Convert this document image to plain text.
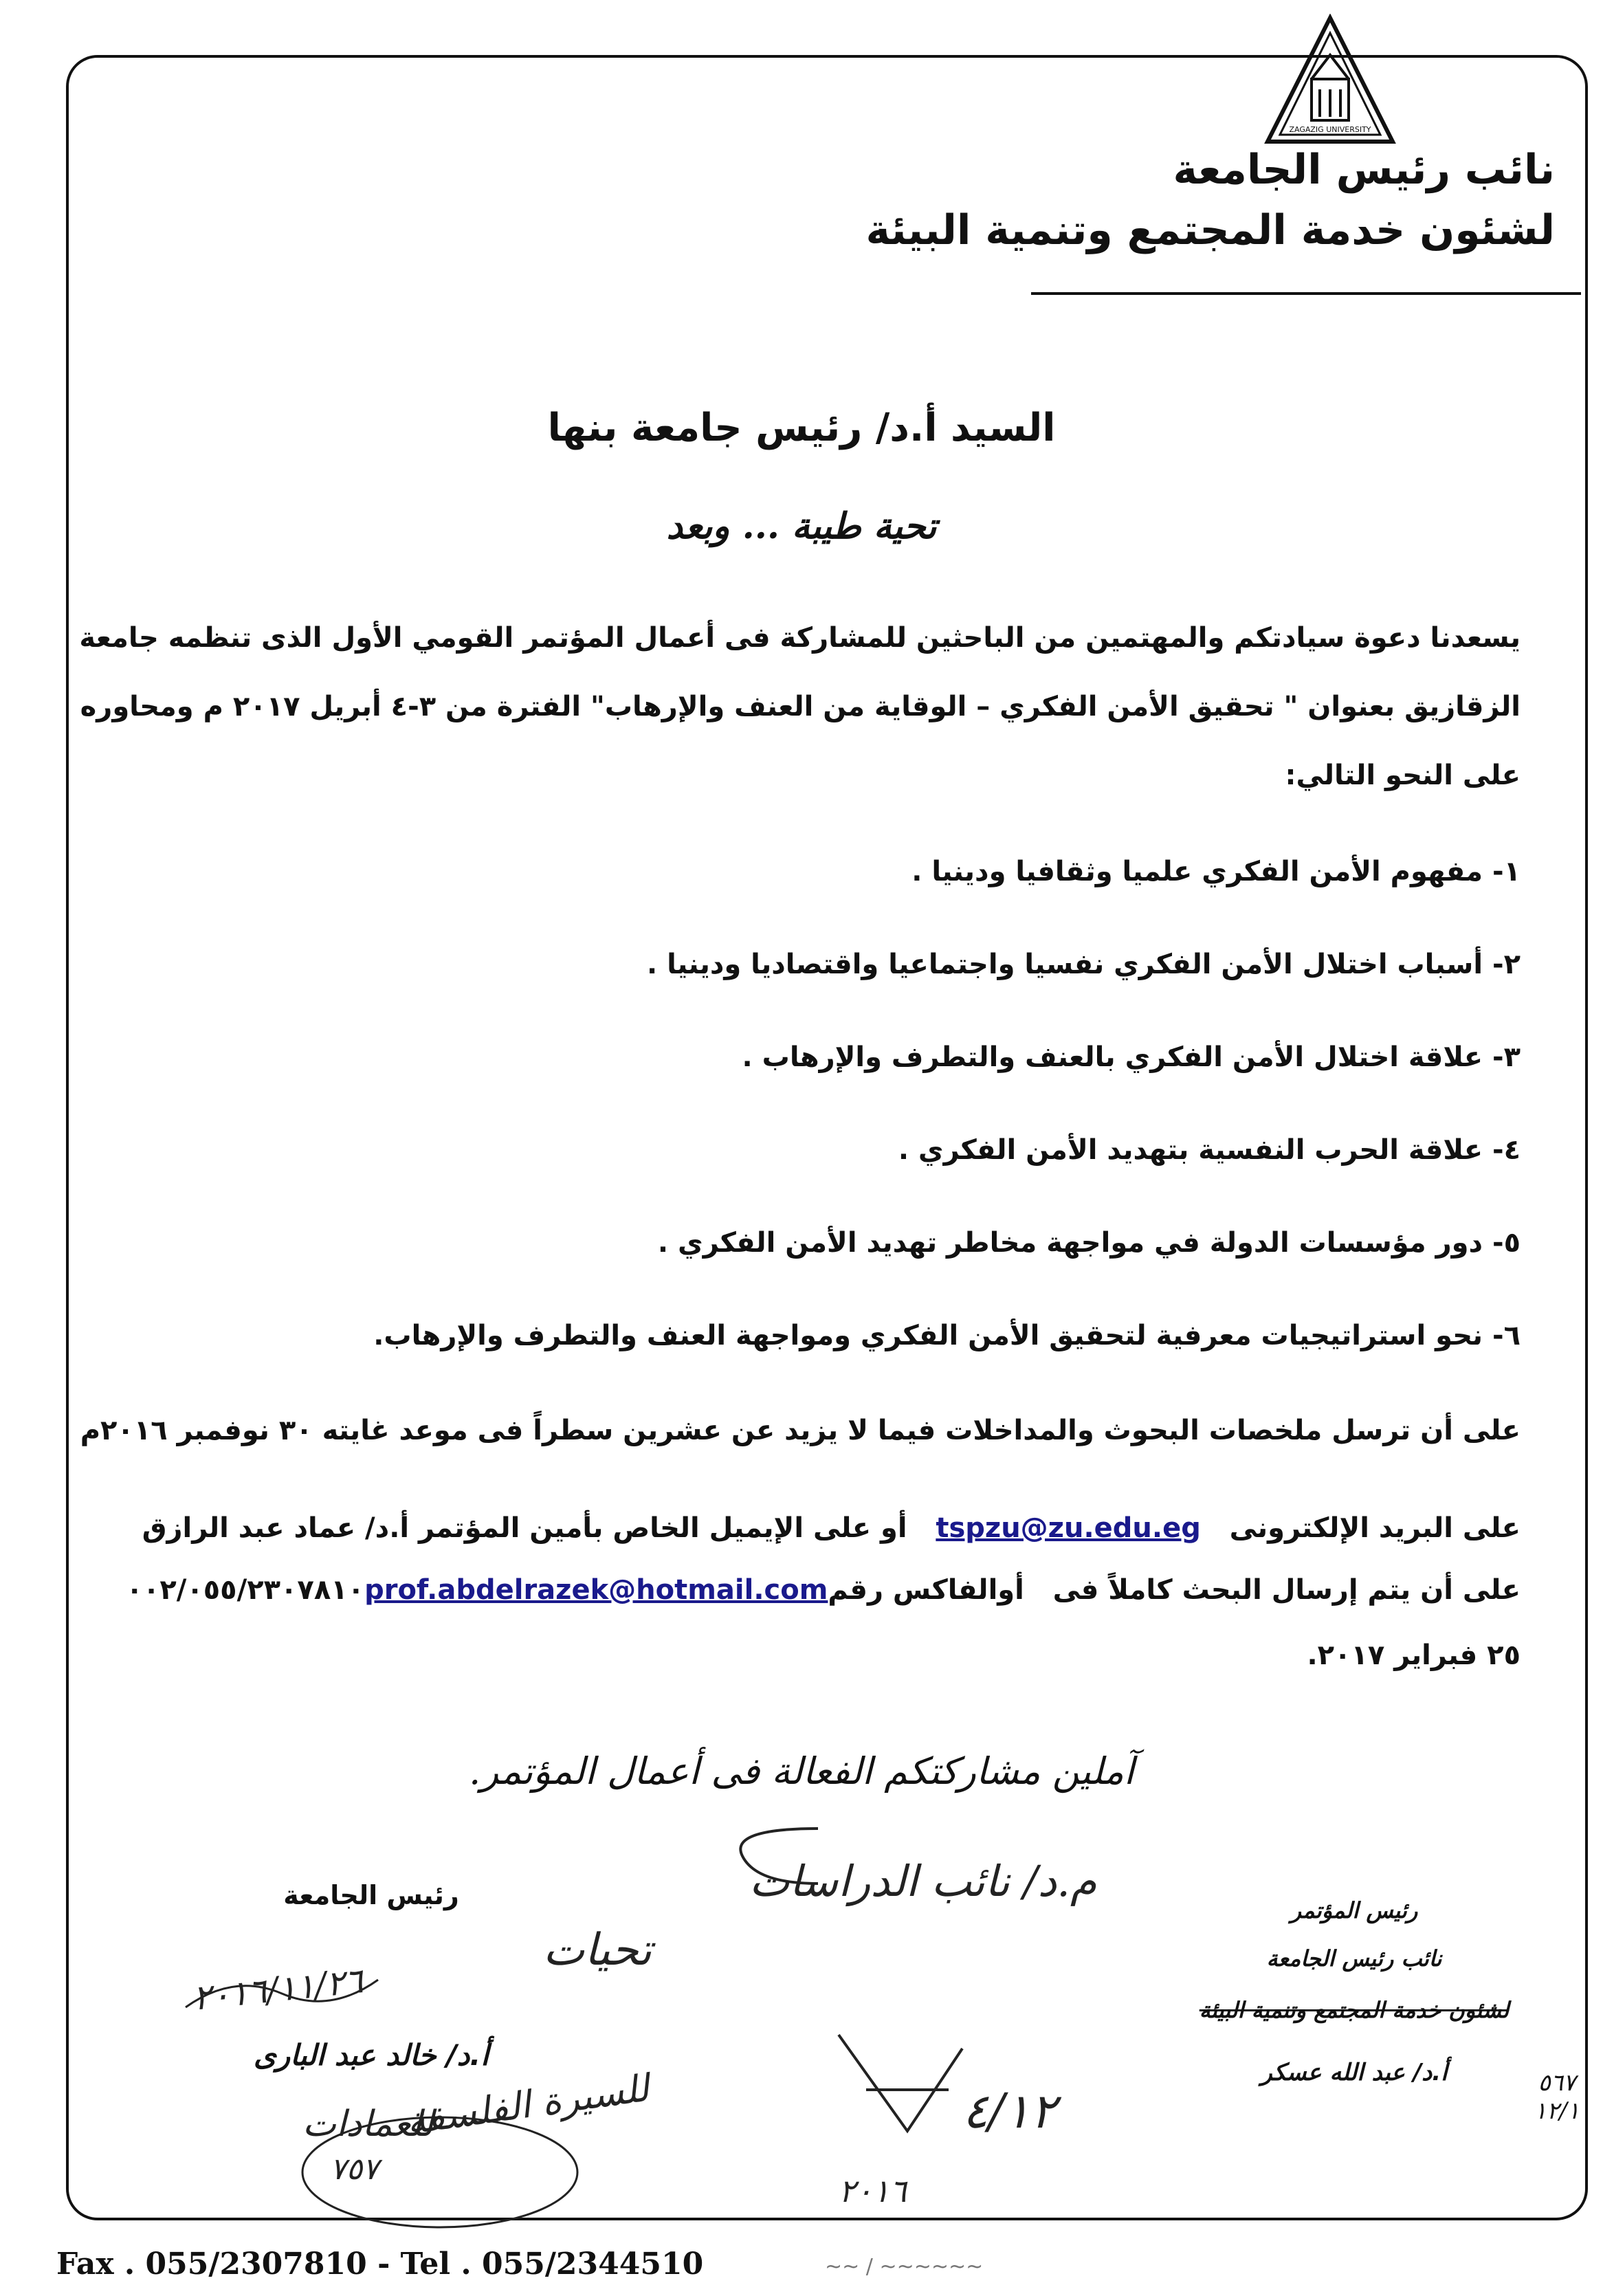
ZAGAZIG UNIVERSITY
نائب رئيس الجامعة
لشئون خدمة المجتمع وتنمية البيئة
السيد أ.د/ رئيس جامعة بنها
تحية طيبة ... وبعد
يسعدنا دعوة سيادتكم والمهتمين من الباحثين للمشاركة فى أعمال المؤتمر القومي الأول الذى تنظمه جامعة
الزقازيق بعنوان " تحقيق الأمن الفكري – الوقاية من العنف والإرهاب" الفترة من ٣-٤ أبريل ٢٠١٧ م ومحاوره
على النحو التالي:
١- مفهوم الأمن الفكري علميا وثقافيا ودينيا .
٢- أسباب اختلال الأمن الفكري نفسيا واجتماعيا واقتصاديا ودينيا .
٣- علاقة اختلال الأمن الفكري بالعنف والتطرف والإرهاب .
٤- علاقة الحرب النفسية بتهديد الأمن الفكري .
٥- دور مؤسسات الدولة في مواجهة مخاطر تهديد الأمن الفكري .
٦- نحو استراتيجيات معرفية لتحقيق الأمن الفكري ومواجهة العنف والتطرف والإرهاب.
على أن ترسل ملخصات البحوث والمداخلات فيما لا يزيد عن عشرين سطراً فى موعد غايته ٣٠ نوفمبر ٢٠١٦م
على البريد الإلكترونى   tspzu@zu.edu.eg   أو على الإيميل الخاص بأمين المؤتمر أ.د/ عماد عبد الرازق
على أن يتم إرسال البحث كاملاً فى   أوالفاكس رقم٠٠٢/٠٥٥/٢٣٠٧٨١٠prof.abdelrazek@hotmail.com
٢٥ فبراير ٢٠١٧.
آملين مشاركتكم الفعالة فى أعمال المؤتمر.
رئيس الجامعة
أ.د/ خالد عبد البارى
رئيس المؤتمر
نائب رئيس الجامعة
لشئون خدمة المجتمع وتنمية البيئة
أ.د/ عبد الله عسكر
٢٠١٦/١١/٢٦
تحيات
م.د/ نائب الدراسات
للعمادات
للسيرة الفلسفة
٧٥٧
٢٠١٦
٤/١٢	٥٦٧
١٢/١
Fax . 055/2307810 - Tel . 055/2344510	~~ / ~~~~~~
